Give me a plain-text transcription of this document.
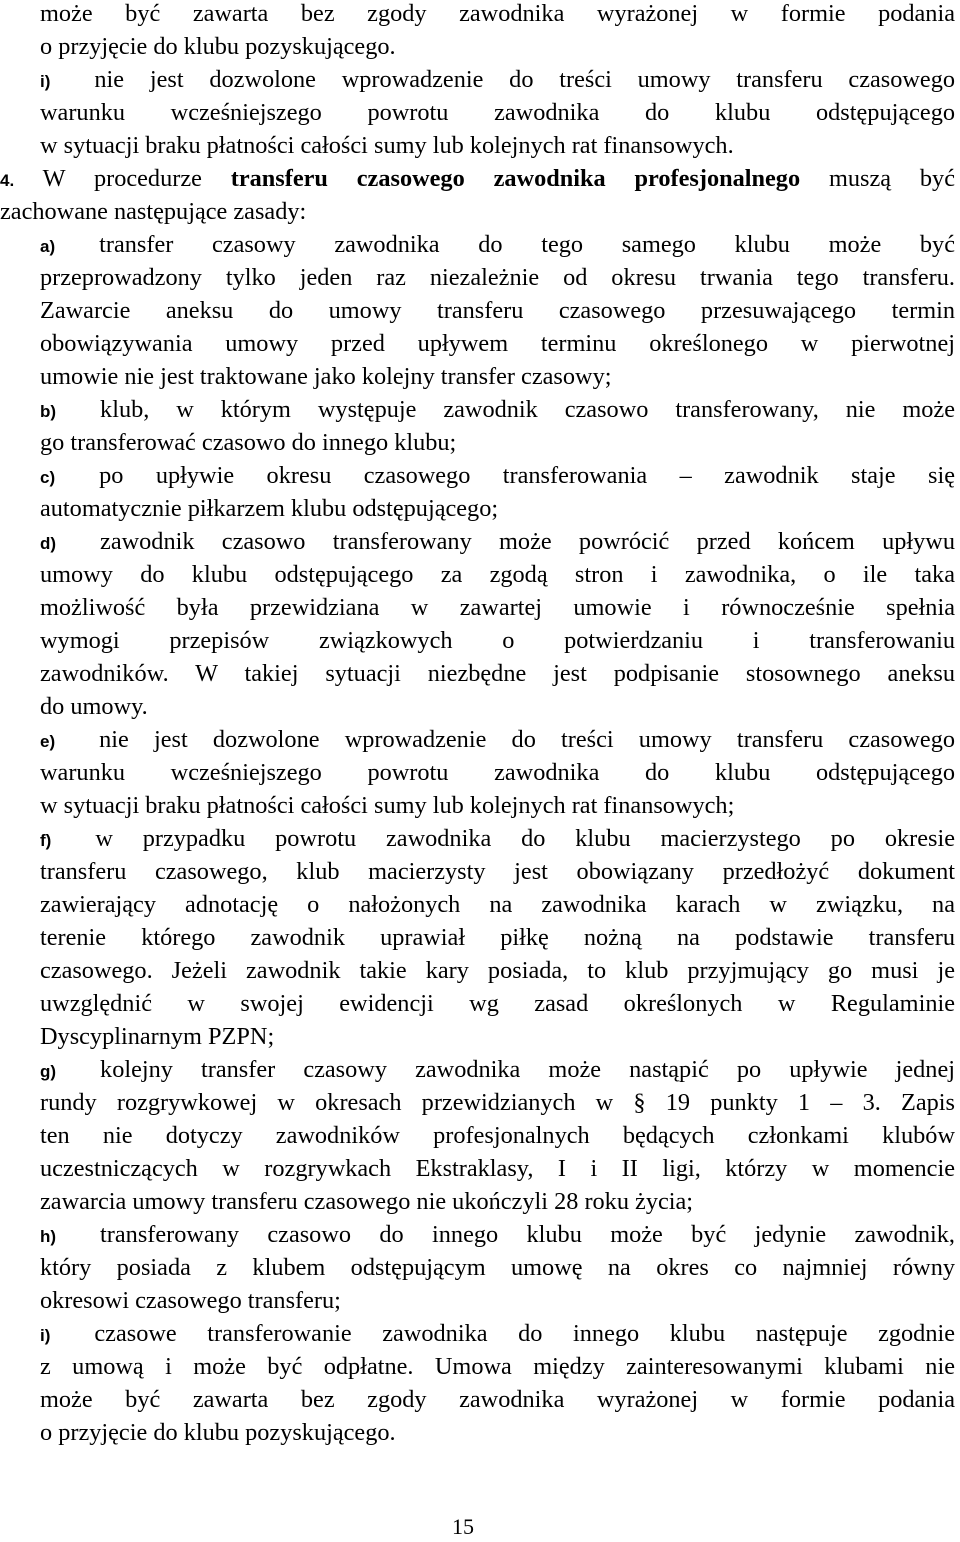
może być zawarta bez zgody zawodnika wyrażonej w formie podania
o przyjęcie do klubu pozyskującego.
i) nie jest dozwolone wprowadzenie do treści umowy transferu czasowego
warunku wcześniejszego powrotu zawodnika do klubu odstępującego
w sytuacji braku płatności całości sumy lub kolejnych rat finansowych.
4. W procedurze transferu czasowego zawodnika profesjonalnego muszą być
zachowane następujące zasady:
a) transfer czasowy zawodnika do tego samego klubu może być
przeprowadzony tylko jeden raz niezależnie od okresu trwania tego transferu.
Zawarcie aneksu do umowy transferu czasowego przesuwającego termin
obowiązywania umowy przed upływem terminu określonego w pierwotnej
umowie nie jest traktowane jako kolejny transfer czasowy;
b) klub, w którym występuje zawodnik czasowo transferowany, nie może
go transferować czasowo do innego klubu;
c) po upływie okresu czasowego transferowania – zawodnik staje się
automatycznie piłkarzem klubu odstępującego;
d) zawodnik czasowo transferowany może powrócić przed końcem upływu
umowy do klubu odstępującego za zgodą stron i zawodnika, o ile taka
możliwość była przewidziana w zawartej umowie i równocześnie spełnia
wymogi przepisów związkowych o potwierdzaniu i transferowaniu
zawodników. W takiej sytuacji niezbędne jest podpisanie stosownego aneksu
do umowy.
e) nie jest dozwolone wprowadzenie do treści umowy transferu czasowego
warunku wcześniejszego powrotu zawodnika do klubu odstępującego
w sytuacji braku płatności całości sumy lub kolejnych rat finansowych;
f) w przypadku powrotu zawodnika do klubu macierzystego po okresie
transferu czasowego, klub macierzysty jest obowiązany przedłożyć dokument
zawierający adnotację o nałożonych na zawodnika karach w związku, na
terenie którego zawodnik uprawiał piłkę nożną na podstawie transferu
czasowego. Jeżeli zawodnik takie kary posiada, to klub przyjmujący go musi je
uwzględnić w swojej ewidencji wg zasad określonych w Regulaminie
Dyscyplinarnym PZPN;
g) kolejny transfer czasowy zawodnika może nastąpić po upływie jednej
rundy rozgrywkowej w okresach przewidzianych w § 19 punkty 1 – 3. Zapis
ten nie dotyczy zawodników profesjonalnych będących członkami klubów
uczestniczących w rozgrywkach Ekstraklasy, I i II ligi, którzy w momencie
zawarcia umowy transferu czasowego nie ukończyli 28 roku życia;
h) transferowany czasowo do innego klubu może być jedynie zawodnik,
który posiada z klubem odstępującym umowę na okres co najmniej równy
okresowi czasowego transferu;
i) czasowe transferowanie zawodnika do innego klubu następuje zgodnie
z umową i może być odpłatne. Umowa między zainteresowanymi klubami nie
może być zawarta bez zgody zawodnika wyrażonej w formie podania
o przyjęcie do klubu pozyskującego.
15
